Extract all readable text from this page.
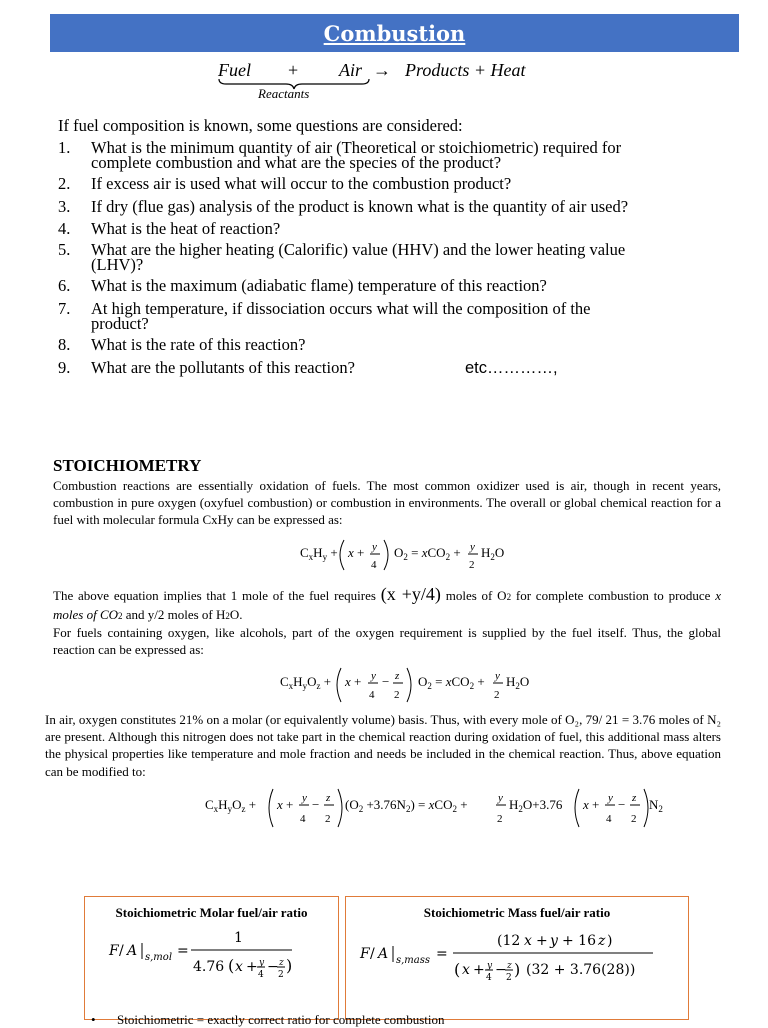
Combustion
Fuel + Air → Products + Heat
Reactants
If fuel composition is known, some questions are considered:
1. What is the minimum quantity of air (Theoretical or stoichiometric) required for
complete combustion and what are the species of the product?
2. If excess air is used what will occur to the combustion product?
3. If dry (flue gas) analysis of the product is known what is the quantity of air used?
4. What is the heat of reaction?
5. What are the higher heating (Calorific) value (HHV) and the lower heating value
(LHV)?
6. What is the maximum (adiabatic flame) temperature of this reaction?
7. At high temperature, if dissociation occurs what will the composition of the
product?
8. What is the rate of this reaction?
9. What are the pollutants of this reaction?	etc…………,
STOICHIOMETRY

Combustion reactions are essentially oxidation of fuels. The most common oxidizer used is air, though in recent years, combustion in pure oxygen (oxyfuel combustion) or combustion in environments. The overall or global chemical reaction for a fuel with molecular formula CxHy can be expressed as:

$C_xH_y + x + y$
4
$O_2 = xCO_2 + y$
2
$H_2O$

The above equation implies that 1 mole of the fuel requires (x +y/4) moles of O2 for complete combustion to produce x moles of CO2 and y/2 moles of H2O.

For fuels containing oxygen, like alcohols, part of the oxygen requirement is supplied by the fuel itself. Thus, the global reaction can be expressed as:

$C_xH_yO_z + x + y$
4
− z
2
$O_2 = xCO_2 + y$
2
$H_2O$

In air, oxygen constitutes 21% on a molar (or equivalently volume) basis. Thus, with every mole of O₂, 79/ 21 = 3.76 moles of N₂ are present. Although this nitrogen does not take part in the chemical reaction during oxidation of fuel, this additional mass alters the physical properties like temperature and mole fraction and needs be included in the chemical reaction. Thus, above equation can be modified to:

$C_xH_yO_z + x + y$
4
− z
2
$(O_2 +3.76N_2) = xCO_2$ +	y
2
$H_2O+3.76$ x + y
4
− z
2
$N_2$
Stoichiometric Molar fuel/air ratio
F / A s,mol =
1
4.76 ( x + y
4 − z
2 )
Stoichiometric Mass fuel/air ratio
F / A s,mass =
(12 x + y + 16 z )
( x + y
4 − z
2 ) (32 + 3.76(28))
• Stoichiometric = exactly correct ratio for complete combustion
